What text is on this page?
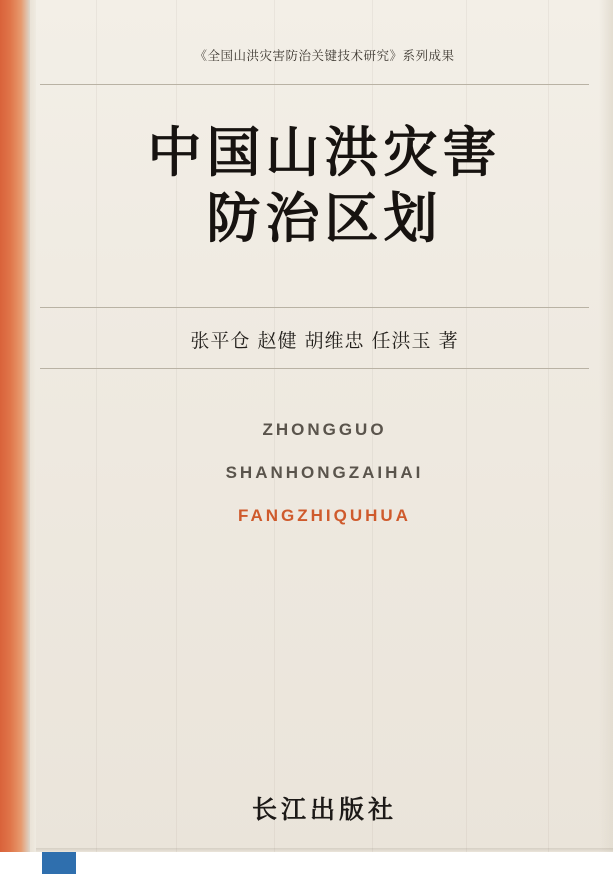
《全国山洪灾害防治关键技术研究》系列成果
中国山洪灾害
防治区划
张平仓 赵健 胡维忠 任洪玉 著
ZHONGGUO
SHANHONGZAIHAI
FANGZHIQUHUA
长江出版社
